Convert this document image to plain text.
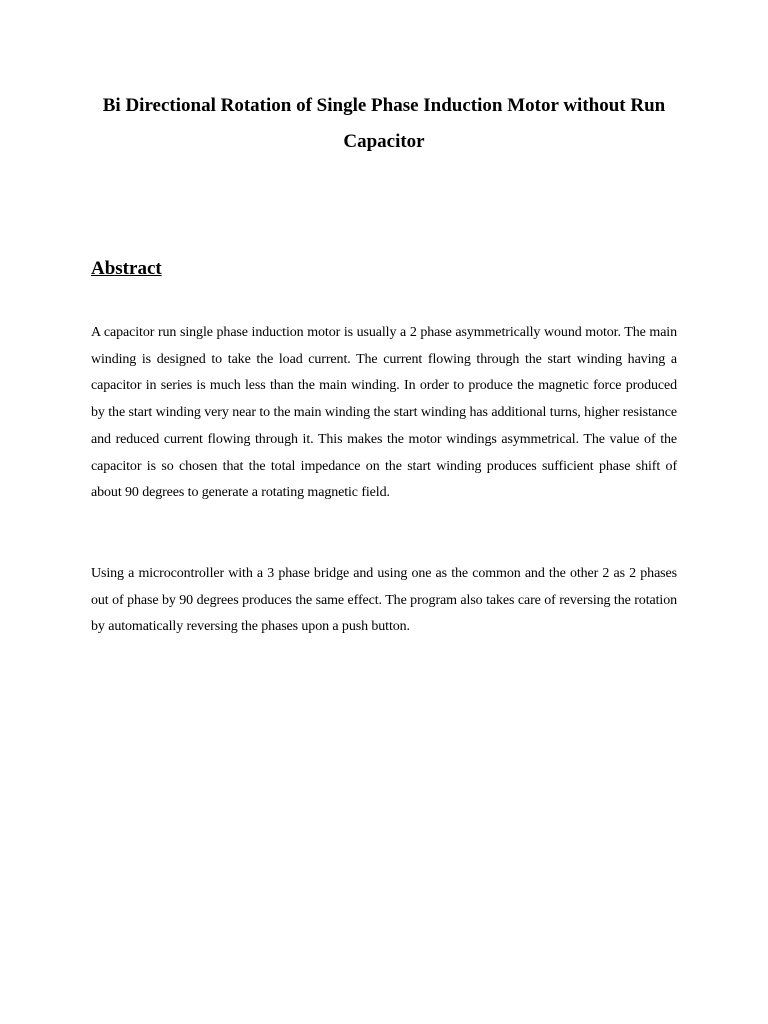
Bi Directional Rotation of Single Phase Induction Motor without Run Capacitor
Abstract

A capacitor run single phase induction motor is usually a 2 phase asymmetrically wound motor. The main winding is designed to take the load current. The current flowing through the start winding having a capacitor in series is much less than the main winding. In order to produce the magnetic force produced by the start winding very near to the main winding the start winding has additional turns, higher resistance and reduced current flowing through it. This makes the motor windings asymmetrical. The value of the capacitor is so chosen that the total impedance on the start winding produces sufficient phase shift of about 90 degrees to generate a rotating magnetic field.

Using a microcontroller with a 3 phase bridge and using one as the common and the other 2 as 2 phases out of phase by 90 degrees produces the same effect. The program also takes care of reversing the rotation by automatically reversing the phases upon a push button.
